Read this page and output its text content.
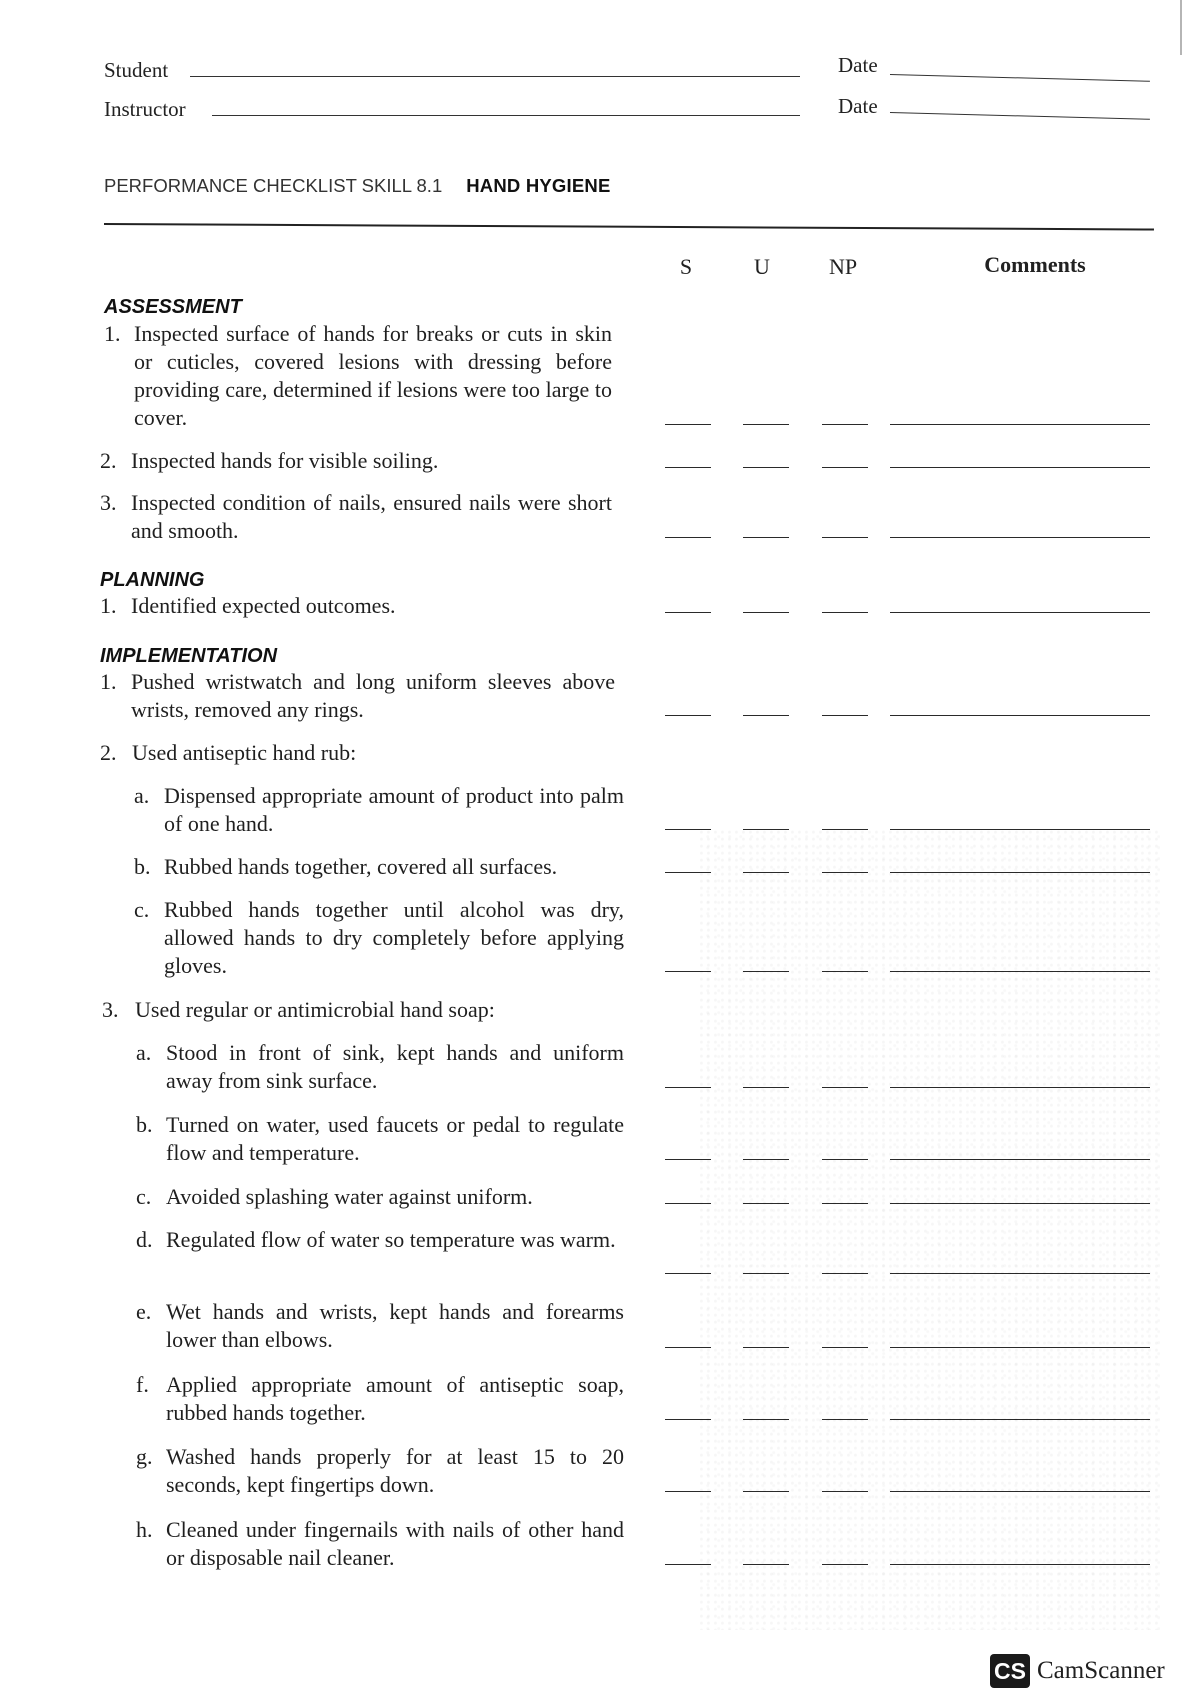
Student	Date
Instructor	Date
PERFORMANCE CHECKLIST SKILL 8.1 HAND HYGIENE
S	U	NP	Comments
ASSESSMENT
1. Inspected surface of hands for breaks or cuts in skin or cuticles, covered lesions with dressing before providing care, determined if lesions were too large to cover.
2. Inspected hands for visible soiling.
3. Inspected condition of nails, ensured nails were short and smooth.
PLANNING
1. Identified expected outcomes.
IMPLEMENTATION
1. Pushed wristwatch and long uniform sleeves above wrists, removed any rings.
2. Used antiseptic hand rub:
a. Dispensed appropriate amount of product into palm of one hand.
b. Rubbed hands together, covered all surfaces.
c. Rubbed hands together until alcohol was dry, allowed hands to dry completely before applying gloves.
3. Used regular or antimicrobial hand soap:
a. Stood in front of sink, kept hands and uniform away from sink surface.
b. Turned on water, used faucets or pedal to regulate flow and temperature.
c. Avoided splashing water against uniform.
d. Regulated flow of water so temperature was warm.
e. Wet hands and wrists, kept hands and forearms lower than elbows.
f. Applied appropriate amount of antiseptic soap, rubbed hands together.
g. Washed hands properly for at least 15 to 20 seconds, kept fingertips down.
h. Cleaned under fingernails with nails of other hand or disposable nail cleaner.
CS CamScanner
